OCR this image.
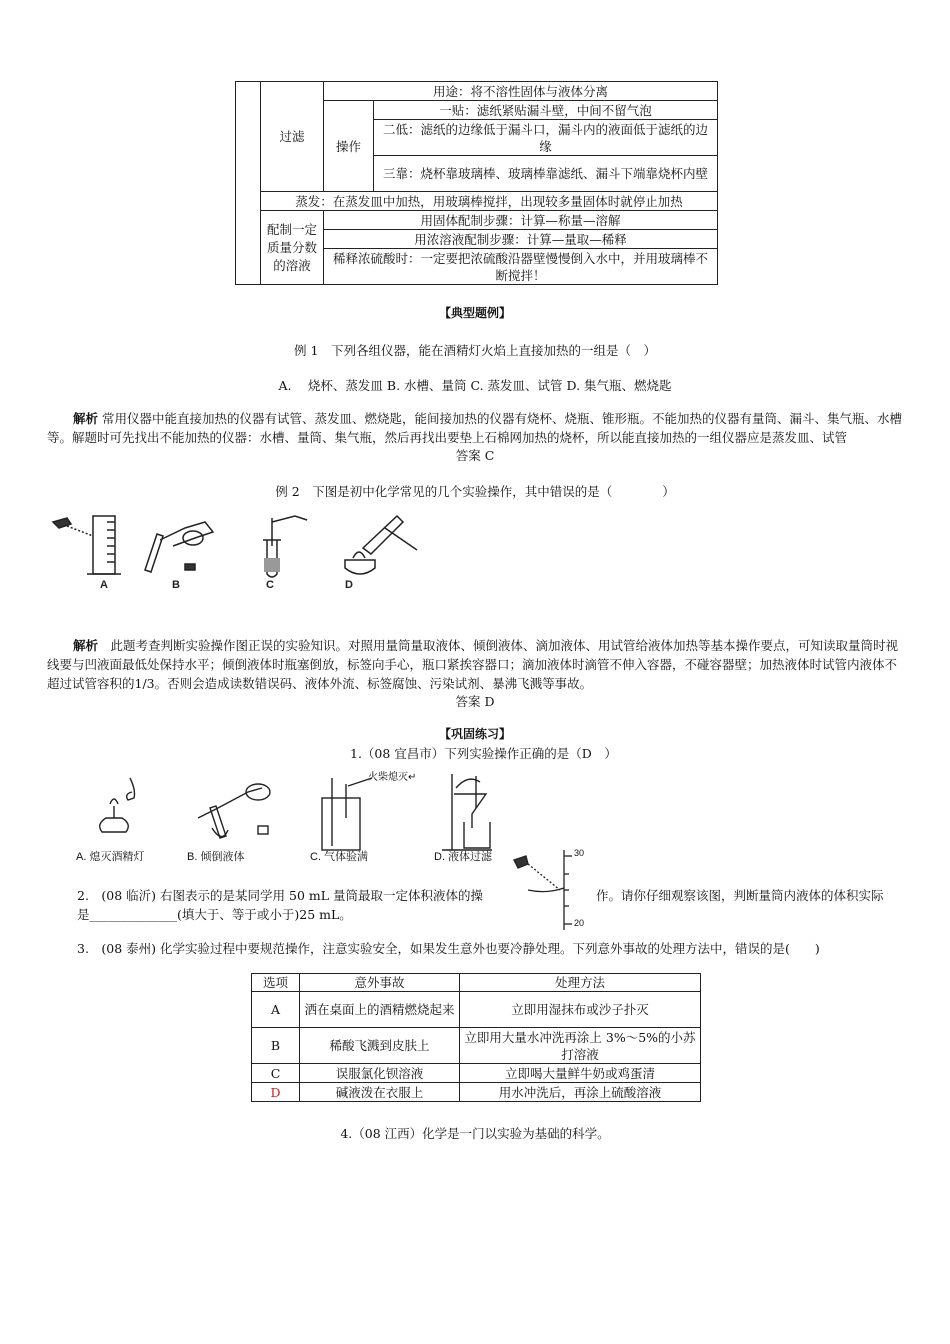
	过滤	用途：将不溶性固体与液体分离	
		操作	一贴：滤纸紧贴漏斗壁，中间不留气泡
			二低：滤纸的边缘低于漏斗口，漏斗内的液面低于滤纸的边缘
			三靠：烧杯靠玻璃棒、玻璃棒靠滤纸、漏斗下端靠烧杯内壁
	蒸发：在蒸发皿中加热，用玻璃棒搅拌，出现较多量固体时就停止加热		
	配制一定质量分数的溶液	用固体配制步骤：计算—称量—溶解	
		用浓溶液配制步骤：计算—量取—稀释	
		稀释浓硫酸时：一定要把浓硫酸沿器壁慢慢倒入水中，并用玻璃棒不断搅拌！	
【典型题例】
例 1　下列各组仪器，能在酒精灯火焰上直接加热的一组是（　）
A.　 烧杯、蒸发皿 B. 水槽、量筒 C. 蒸发皿、试管 D. 集气瓶、燃烧匙
解析 常用仪器中能直接加热的仪器有试管、蒸发皿、燃烧匙，能间接加热的仪器有烧杯、烧瓶、锥形瓶。不能加热的仪器有量筒、漏斗、集气瓶、水槽等。解题时可先找出不能加热的仪器：水槽、量筒、集气瓶，然后再找出要垫上石棉网加热的烧杯，所以能直接加热的一组仪器应是蒸发皿、试管
答案 C
例 2　下图是初中化学常见的几个实验操作，其中错误的是（　　　　）
A	B	C	D
解析　此题考查判断实验操作图正误的实验知识。对照用量筒量取液体、倾倒液体、滴加液体、用试管给液体加热等基本操作要点，可知读取量筒时视线要与凹液面最低处保持水平；倾倒液体时瓶塞倒放，标签向手心，瓶口紧挨容器口；滴加液体时滴管不伸入容器，不碰容器壁；加热液体时试管内液体不超过试管容积的1/3。否则会造成读数错误码、液体外流、标签腐蚀、污染试剂、暴沸飞溅等事故。
答案 D
【巩固练习】
1.（08 宜昌市）下列实验操作正确的是（D　）
A. 熄灭酒精灯	B. 倾倒液体	C. 气体验满	D. 液体过滤
火柴熄灭↵
2.　(08 临沂) 右图表示的是某同学用 50 mL 量筒最取一定体积液体的操	作。请你仔细观察该图，判断量筒内液体的体积实际
是______________(填大于、等于或小于)25 mL。
30
20
3.　(08 泰州) 化学实验过程中要规范操作，注意实验安全，如果发生意外也要冷静处理。下列意外事故的处理方法中，错误的是(　　)
选项	意外事故	处理方法
A	洒在桌面上的酒精燃烧起来	立即用湿抹布或沙子扑灭
B	稀酸飞溅到皮肤上	立即用大量水冲洗再涂上 3%～5%的小苏打溶液
C	误服氯化钡溶液	立即喝大量鲜牛奶或鸡蛋清
D	碱液泼在衣服上	用水冲洗后，再涂上硫酸溶液
4.（08 江西）化学是一门以实验为基础的科学。
